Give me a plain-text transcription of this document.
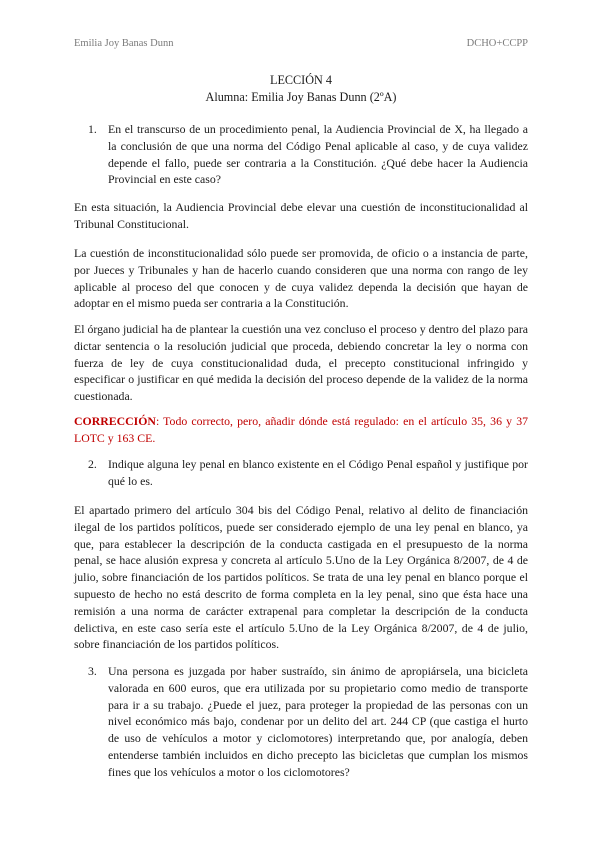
Emilia Joy Banas Dunn	DCHO+CCPP
LECCIÓN 4
Alumna: Emilia Joy Banas Dunn (2ºA)
1. En el transcurso de un procedimiento penal, la Audiencia Provincial de X, ha llegado a la conclusión de que una norma del Código Penal aplicable al caso, y de cuya validez depende el fallo, puede ser contraria a la Constitución. ¿Qué debe hacer la Audiencia Provincial en este caso?

En esta situación, la Audiencia Provincial debe elevar una cuestión de inconstitucionalidad al Tribunal Constitucional.

La cuestión de inconstitucionalidad sólo puede ser promovida, de oficio o a instancia de parte, por Jueces y Tribunales y han de hacerlo cuando consideren que una norma con rango de ley aplicable al proceso del que conocen y de cuya validez dependa la decisión que hayan de adoptar en el mismo pueda ser contraria a la Constitución.

El órgano judicial ha de plantear la cuestión una vez concluso el proceso y dentro del plazo para dictar sentencia o la resolución judicial que proceda, debiendo concretar la ley o norma con fuerza de ley de cuya constitucionalidad duda, el precepto constitucional infringido y especificar o justificar en qué medida la decisión del proceso depende de la validez de la norma cuestionada.

CORRECCIÓN: Todo correcto, pero, añadir dónde está regulado: en el artículo 35, 36 y 37 LOTC y 163 CE.

2. Indique alguna ley penal en blanco existente en el Código Penal español y justifique por qué lo es.

El apartado primero del artículo 304 bis del Código Penal, relativo al delito de financiación ilegal de los partidos políticos, puede ser considerado ejemplo de una ley penal en blanco, ya que, para establecer la descripción de la conducta castigada en el presupuesto de la norma penal, se hace alusión expresa y concreta al artículo 5.Uno de la Ley Orgánica 8/2007, de 4 de julio, sobre financiación de los partidos políticos. Se trata de una ley penal en blanco porque el supuesto de hecho no está descrito de forma completa en la ley penal, sino que ésta hace una remisión a una norma de carácter extrapenal para completar la descripción de la conducta delictiva, en este caso sería este el artículo 5.Uno de la Ley Orgánica 8/2007, de 4 de julio, sobre financiación de los partidos políticos.

3. Una persona es juzgada por haber sustraído, sin ánimo de apropiársela, una bicicleta valorada en 600 euros, que era utilizada por su propietario como medio de transporte para ir a su trabajo. ¿Puede el juez, para proteger la propiedad de las personas con un nivel económico más bajo, condenar por un delito del art. 244 CP (que castiga el hurto de uso de vehículos a motor y ciclomotores) interpretando que, por analogía, deben entenderse también incluidos en dicho precepto las bicicletas que cumplan los mismos fines que los vehículos a motor o los ciclomotores?
